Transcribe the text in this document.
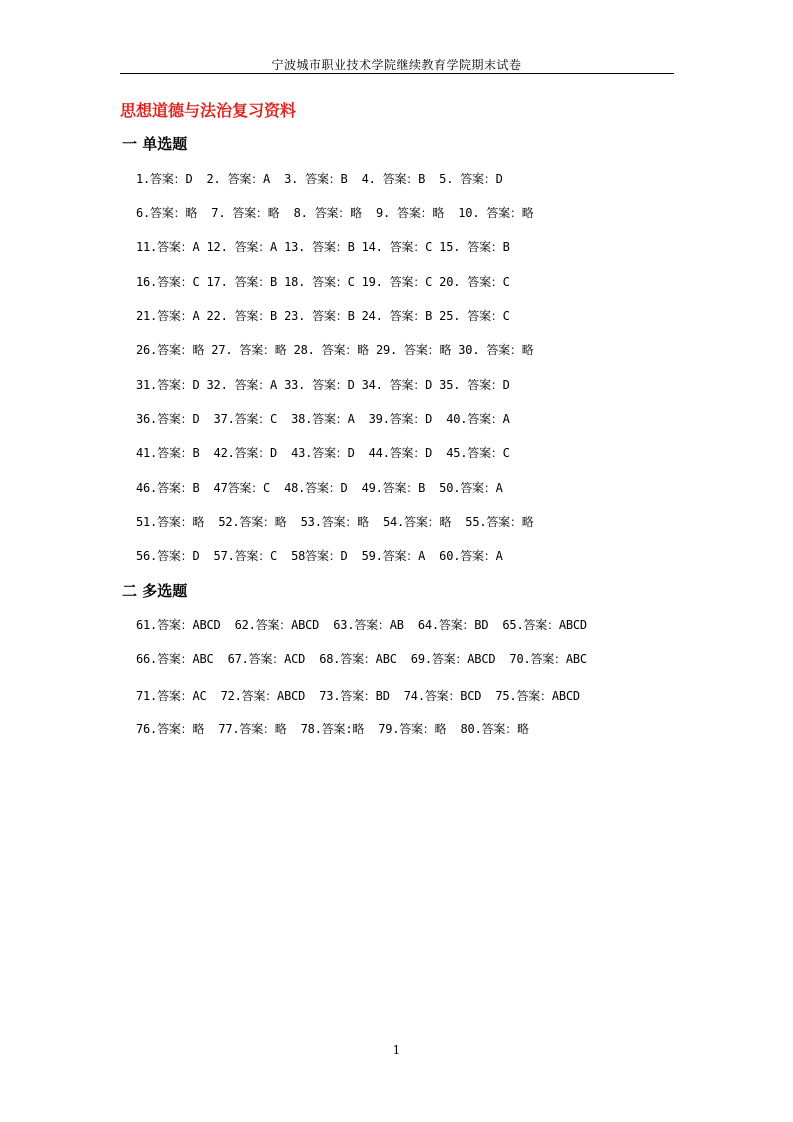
宁波城市职业技术学院继续教育学院期末试卷
思想道德与法治复习资料
一 单选题
1.答案：D  2. 答案：A  3. 答案：B  4. 答案：B  5. 答案：D
6.答案：略  7. 答案：略  8. 答案：略  9. 答案：略  10. 答案：略
11.答案：A 12. 答案：A 13. 答案：B 14. 答案：C 15. 答案：B
16.答案：C 17. 答案：B 18. 答案：C 19. 答案：C 20. 答案：C
21.答案：A 22. 答案：B 23. 答案：B 24. 答案：B 25. 答案：C
26.答案：略 27. 答案：略 28. 答案：略 29. 答案：略 30. 答案：略
31.答案：D 32. 答案：A 33. 答案：D 34. 答案：D 35. 答案：D
36.答案：D  37.答案：C  38.答案：A  39.答案：D  40.答案：A
41.答案：B  42.答案：D  43.答案：D  44.答案：D  45.答案：C
46.答案：B  47答案：C  48.答案：D  49.答案：B  50.答案：A
51.答案：略  52.答案：略  53.答案：略  54.答案：略  55.答案：略
56.答案：D  57.答案：C  58答案：D  59.答案：A  60.答案：A
二 多选题
61.答案：ABCD  62.答案：ABCD  63.答案：AB  64.答案：BD  65.答案：ABCD
66.答案：ABC  67.答案：ACD  68.答案：ABC  69.答案：ABCD  70.答案：ABC
71.答案：AC  72.答案：ABCD  73.答案：BD  74.答案：BCD  75.答案：ABCD
76.答案：略  77.答案：略  78.答案:略  79.答案：略  80.答案：略
1
